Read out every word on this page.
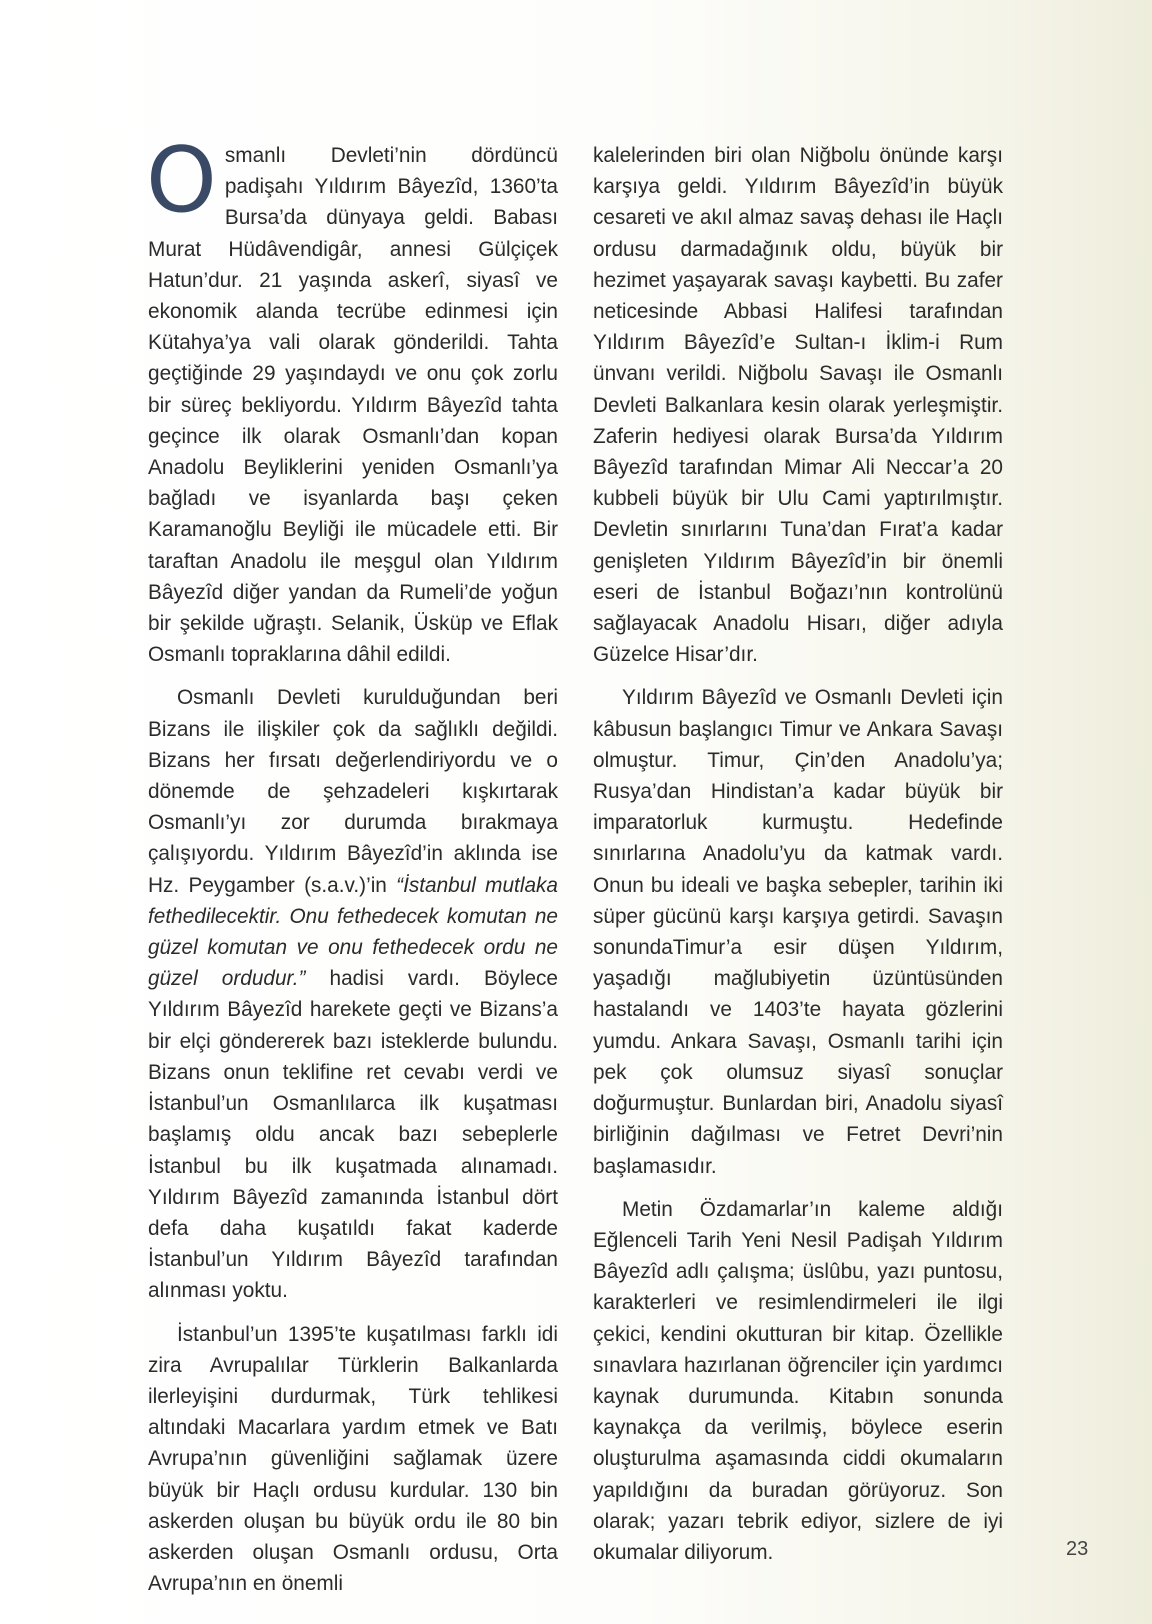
Osmanlı Devleti’nin dördüncü padişahı Yıldırım Bâyezîd, 1360’ta Bursa’da dünyaya geldi. Babası Murat Hüdâvendigâr, annesi Gülçiçek Hatun’dur. 21 yaşında askerî, siyasî ve ekonomik alanda tecrübe edinmesi için Kütahya’ya vali olarak gönderildi. Tahta geçtiğinde 29 yaşındaydı ve onu çok zorlu bir süreç bekliyordu. Yıldırm Bâyezîd tahta geçince ilk olarak Osmanlı’dan kopan Anadolu Beyliklerini yeniden Osmanlı’ya bağladı ve isyanlarda başı çeken Karamanoğlu Beyliği ile mücadele etti. Bir taraftan Anadolu ile meşgul olan Yıldırım Bâyezîd diğer yandan da Rumeli’de yoğun bir şekilde uğraştı. Selanik, Üsküp ve Eflak Osmanlı topraklarına dâhil edildi.

Osmanlı Devleti kurulduğundan beri Bizans ile ilişkiler çok da sağlıklı değildi. Bizans her fırsatı değerlendiriyordu ve o dönemde de şehzadeleri kışkırtarak Osmanlı’yı zor durumda bırakmaya çalışıyordu. Yıldırım Bâyezîd’in aklında ise Hz. Peygamber (s.a.v.)’in “İstanbul mutlaka fethedilecektir. Onu fethedecek komutan ne güzel komutan ve onu fethedecek ordu ne güzel ordudur.” hadisi vardı. Böylece Yıldırım Bâyezîd harekete geçti ve Bizans’a bir elçi göndererek bazı isteklerde bulundu. Bizans onun teklifine ret cevabı verdi ve İstanbul’un Osmanlılarca ilk kuşatması başlamış oldu ancak bazı sebeplerle İstanbul bu ilk kuşatmada alınamadı. Yıldırım Bâyezîd zamanında İstanbul dört defa daha kuşatıldı fakat kaderde İstanbul’un Yıldırım Bâyezîd tarafından alınması yoktu.

İstanbul’un 1395’te kuşatılması farklı idi zira Avrupalılar Türklerin Balkanlarda ilerleyişini durdurmak, Türk tehlikesi altındaki Macarlara yardım etmek ve Batı Avrupa’nın güvenliğini sağlamak üzere büyük bir Haçlı ordusu kurdular. 130 bin askerden oluşan bu büyük ordu ile 80 bin askerden oluşan Osmanlı ordusu, Orta Avrupa’nın en önemli

kalelerinden biri olan Niğbolu önünde karşı karşıya geldi. Yıldırım Bâyezîd’in büyük cesareti ve akıl almaz savaş dehası ile Haçlı ordusu darmadağınık oldu, büyük bir hezimet yaşayarak savaşı kaybetti. Bu zafer neticesinde Abbasi Halifesi tarafından Yıldırım Bâyezîd’e Sultan-ı İklim-i Rum ünvanı verildi. Niğbolu Savaşı ile Osmanlı Devleti Balkanlara kesin olarak yerleşmiştir. Zaferin hediyesi olarak Bursa’da Yıldırım Bâyezîd tarafından Mimar Ali Neccar’a 20 kubbeli büyük bir Ulu Cami yaptırılmıştır. Devletin sınırlarını Tuna’dan Fırat’a kadar genişleten Yıldırım Bâyezîd’in bir önemli eseri de İstanbul Boğazı’nın kontrolünü sağlayacak Anadolu Hisarı, diğer adıyla Güzelce Hisar’dır.

Yıldırım Bâyezîd ve Osmanlı Devleti için kâbusun başlangıcı Timur ve Ankara Savaşı olmuştur. Timur, Çin’den Anadolu’ya; Rusya’dan Hindistan’a kadar büyük bir imparatorluk kurmuştu. Hedefinde sınırlarına Anadolu’yu da katmak vardı. Onun bu ideali ve başka sebepler, tarihin iki süper gücünü karşı karşıya getirdi. Savaşın sonundaTimur’a esir düşen Yıldırım, yaşadığı mağlubiyetin üzüntüsünden hastalandı ve 1403’te hayata gözlerini yumdu. Ankara Savaşı, Osmanlı tarihi için pek çok olumsuz siyasî sonuçlar doğurmuştur. Bunlardan biri, Anadolu siyasî birliğinin dağılması ve Fetret Devri’nin başlamasıdır.

Metin Özdamarlar’ın kaleme aldığı Eğlenceli Tarih Yeni Nesil Padişah Yıldırım Bâyezîd adlı çalışma; üslûbu, yazı puntosu, karakterleri ve resimlendirmeleri ile ilgi çekici, kendini okutturan bir kitap. Özellikle sınavlara hazırlanan öğrenciler için yardımcı kaynak durumunda. Kitabın sonunda kaynakça da verilmiş, böylece eserin oluşturulma aşamasında ciddi okumaların yapıldığını da buradan görüyoruz. Son olarak; yazarı tebrik ediyor, sizlere de iyi okumalar diliyorum.	23
